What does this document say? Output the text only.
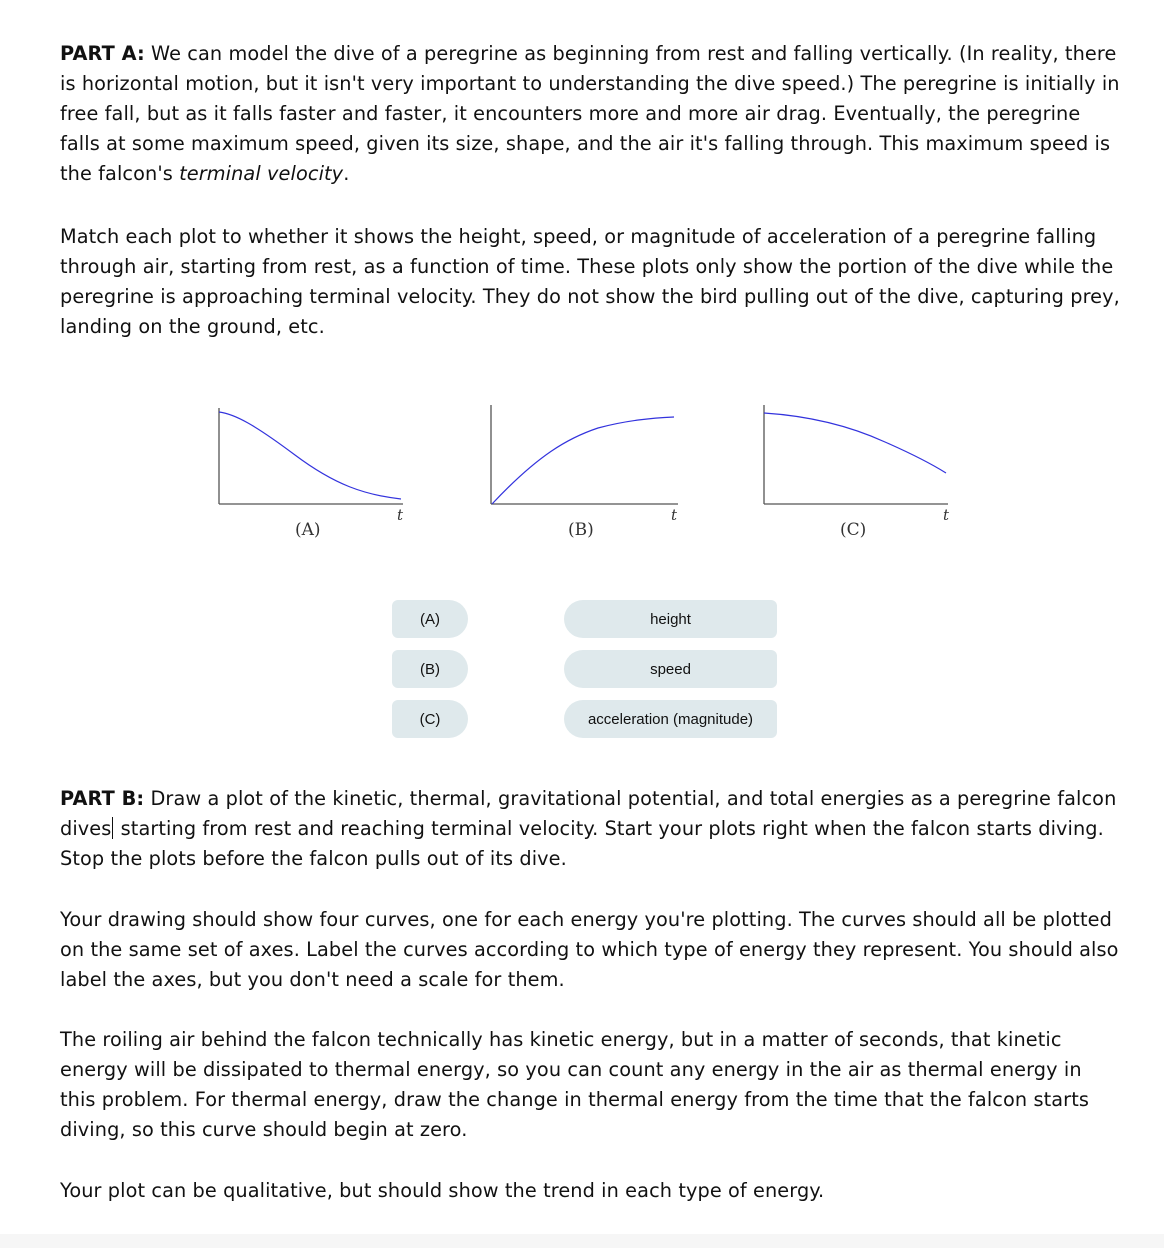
PART A: We can model the dive of a peregrine as beginning from rest and falling vertically. (In reality, there is horizontal motion, but it isn't very important to understanding the dive speed.) The peregrine is initially in free fall, but as it falls faster and faster, it encounters more and more air drag. Eventually, the peregrine falls at some maximum speed, given its size, shape, and the air it's falling through. This maximum speed is the falcon's terminal velocity.

Match each plot to whether it shows the height, speed, or magnitude of acceleration of a peregrine falling through air, starting from rest, as a function of time. These plots only show the portion of the dive while the peregrine is approaching terminal velocity. They do not show the bird pulling out of the dive, capturing prey, landing on the ground, etc.

t
(A)
t
(B)
t
(C)
(A)
(B)
(C)
height
speed
acceleration (magnitude)

PART B: Draw a plot of the kinetic, thermal, gravitational potential, and total energies as a peregrine falcon dives starting from rest and reaching terminal velocity. Start your plots right when the falcon starts diving. Stop the plots before the falcon pulls out of its dive.

Your drawing should show four curves, one for each energy you're plotting. The curves should all be plotted on the same set of axes. Label the curves according to which type of energy they represent. You should also label the axes, but you don't need a scale for them.

The roiling air behind the falcon technically has kinetic energy, but in a matter of seconds, that kinetic energy will be dissipated to thermal energy, so you can count any energy in the air as thermal energy in this problem. For thermal energy, draw the change in thermal energy from the time that the falcon starts diving, so this curve should begin at zero.

Your plot can be qualitative, but should show the trend in each type of energy.
